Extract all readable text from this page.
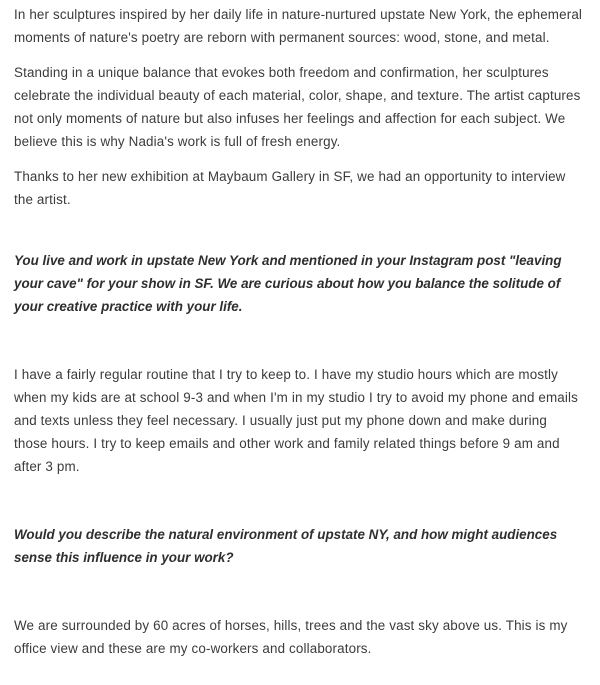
In her sculptures inspired by her daily life in nature-nurtured upstate New York, the ephemeral moments of nature's poetry are reborn with permanent sources: wood, stone, and metal.

Standing in a unique balance that evokes both freedom and confirmation, her sculptures celebrate the individual beauty of each material, color, shape, and texture. The artist captures not only moments of nature but also infuses her feelings and affection for each subject. We believe this is why Nadia's work is full of fresh energy.

Thanks to her new exhibition at Maybaum Gallery in SF, we had an opportunity to interview the artist.

You live and work in upstate New York and mentioned in your Instagram post "leaving your cave" for your show in SF. We are curious about how you balance the solitude of your creative practice with your life.

I have a fairly regular routine that I try to keep to. I have my studio hours which are mostly when my kids are at school 9-3 and when I'm in my studio I try to avoid my phone and emails and texts unless they feel necessary. I usually just put my phone down and make during those hours. I try to keep emails and other work and family related things before 9 am and after 3 pm.

Would you describe the natural environment of upstate NY, and how might audiences sense this influence in your work?

We are surrounded by 60 acres of horses, hills, trees and the vast sky above us. This is my office view and these are my co-workers and collaborators.
